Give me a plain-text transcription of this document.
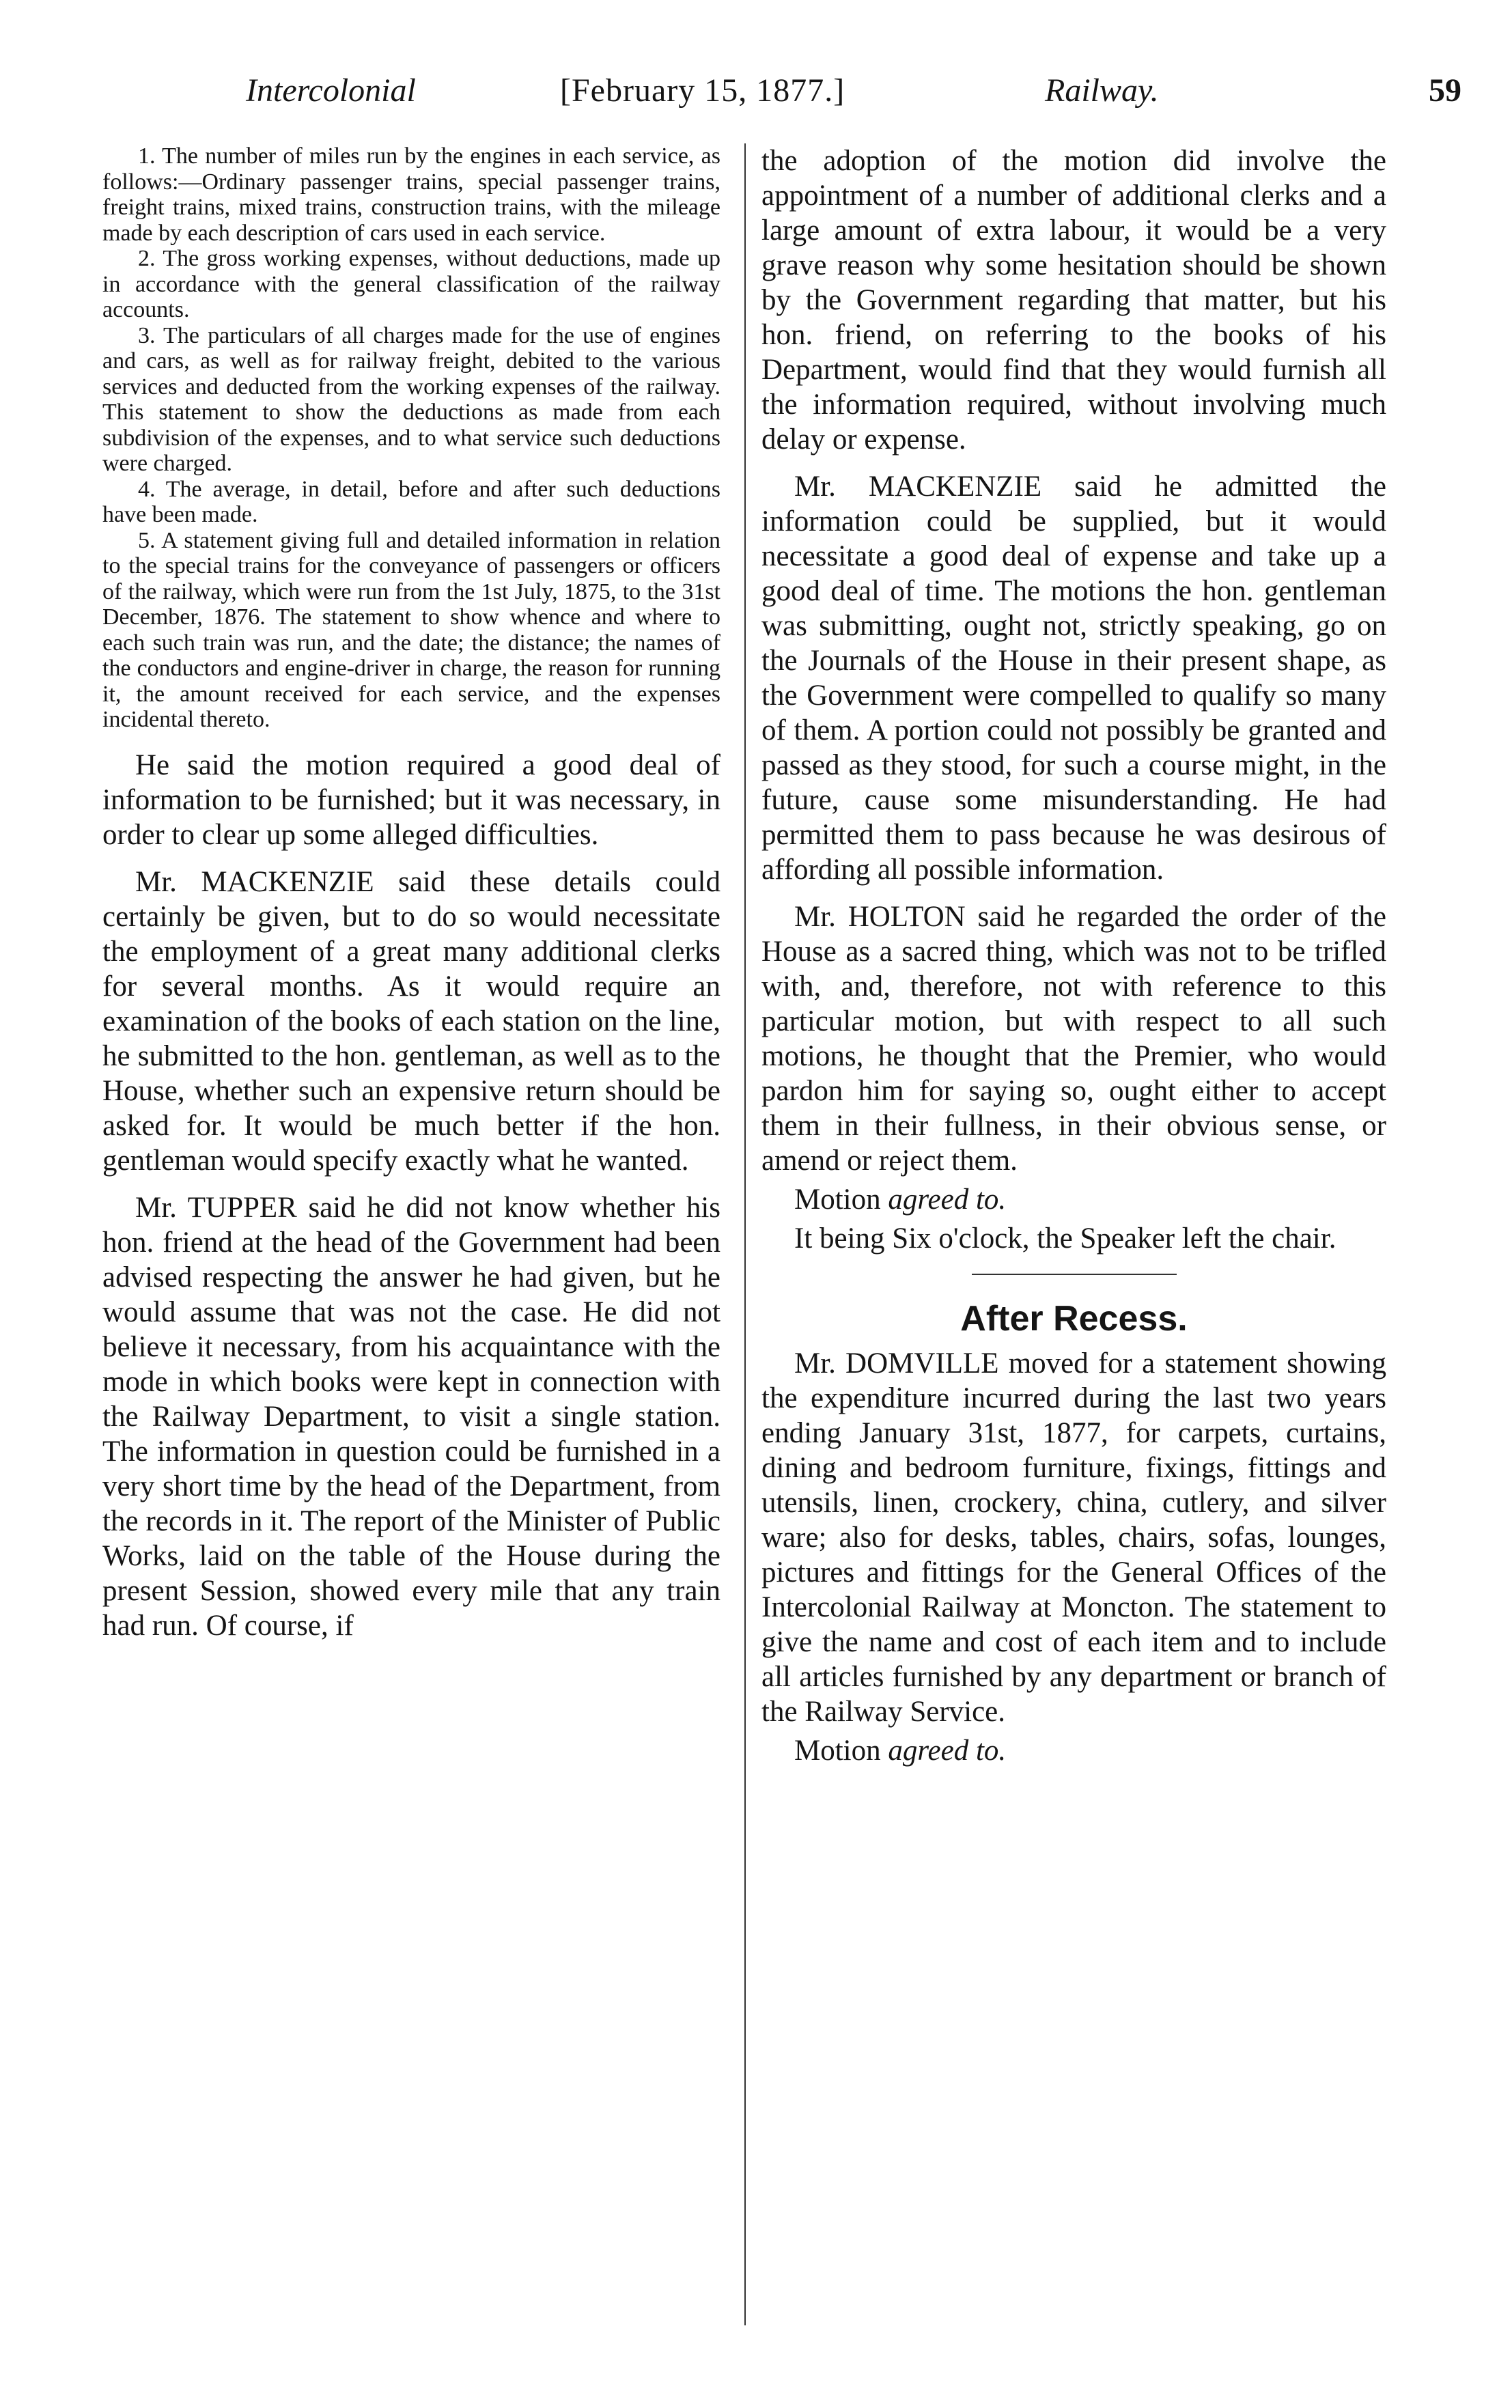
Intercolonial	[February 15, 1877.]	Railway.	59

1. The number of miles run by the engines in each service, as follows:—Ordinary passenger trains, special passenger trains, freight trains, mixed trains, construction trains, with the mileage made by each description of cars used in each service.

2. The gross working expenses, without deductions, made up in accordance with the general classification of the railway accounts.

3. The particulars of all charges made for the use of engines and cars, as well as for railway freight, debited to the various services and deducted from the working expenses of the railway. This statement to show the deductions as made from each subdivision of the expenses, and to what service such deductions were charged.

4. The average, in detail, before and after such deductions have been made.

5. A statement giving full and detailed information in relation to the special trains for the conveyance of passengers or officers of the railway, which were run from the 1st July, 1875, to the 31st December, 1876. The statement to show whence and where to each such train was run, and the date; the distance; the names of the conductors and engine-driver in charge, the reason for running it, the amount received for each service, and the expenses incidental thereto.

He said the motion required a good deal of information to be furnished; but it was necessary, in order to clear up some alleged difficulties.

Mr. MACKENZIE said these details could certainly be given, but to do so would necessitate the employment of a great many additional clerks for several months. As it would require an examination of the books of each station on the line, he submitted to the hon. gentleman, as well as to the House, whether such an expensive return should be asked for. It would be much better if the hon. gentleman would specify exactly what he wanted.

Mr. TUPPER said he did not know whether his hon. friend at the head of the Government had been advised respecting the answer he had given, but he would assume that was not the case. He did not believe it necessary, from his acquaintance with the mode in which books were kept in connection with the Railway Department, to visit a single station. The information in question could be furnished in a very short time by the head of the Department, from the records in it. The report of the Minister of Public Works, laid on the table of the House during the present Session, showed every mile that any train had run. Of course, if

the adoption of the motion did involve the appointment of a number of additional clerks and a large amount of extra labour, it would be a very grave reason why some hesitation should be shown by the Government regarding that matter, but his hon. friend, on referring to the books of his Department, would find that they would furnish all the information required, without involving much delay or expense.

Mr. MACKENZIE said he admitted the information could be supplied, but it would necessitate a good deal of expense and take up a good deal of time. The motions the hon. gentleman was submitting, ought not, strictly speaking, go on the Journals of the House in their present shape, as the Government were compelled to qualify so many of them. A portion could not possibly be granted and passed as they stood, for such a course might, in the future, cause some misunderstanding. He had permitted them to pass because he was desirous of affording all possible information.

Mr. HOLTON said he regarded the order of the House as a sacred thing, which was not to be trifled with, and, therefore, not with reference to this particular motion, but with respect to all such motions, he thought that the Premier, who would pardon him for saying so, ought either to accept them in their fullness, in their obvious sense, or amend or reject them.

Motion agreed to.

It being Six o'clock, the Speaker left the chair.

After Recess.

Mr. DOMVILLE moved for a statement showing the expenditure incurred during the last two years ending January 31st, 1877, for carpets, curtains, dining and bedroom furniture, fixings, fittings and utensils, linen, crockery, china, cutlery, and silver ware; also for desks, tables, chairs, sofas, lounges, pictures and fittings for the General Offices of the Intercolonial Railway at Moncton. The statement to give the name and cost of each item and to include all articles furnished by any department or branch of the Railway Service.

Motion agreed to.
